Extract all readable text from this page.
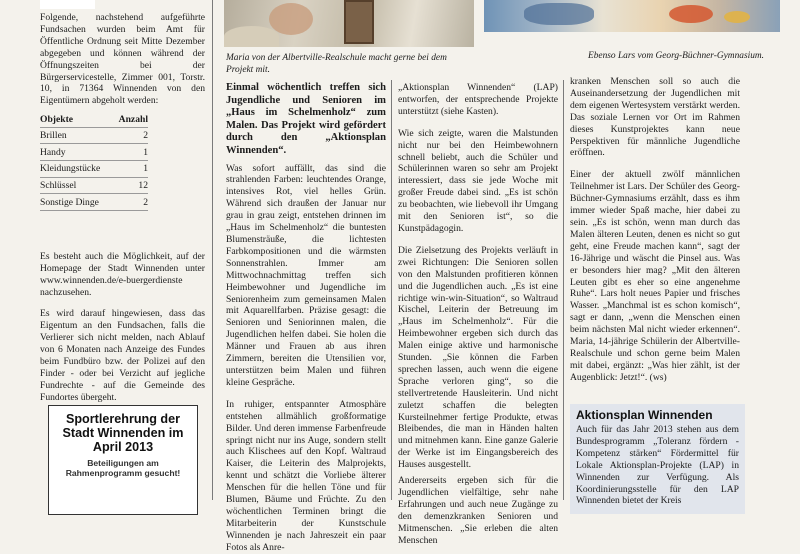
Folgende, nachstehend aufgeführte Fundsachen wurden beim Amt für Öffentliche Ordnung seit Mitte Dezember abgegeben und können während der Öffnungszeiten bei der Bürgerservicestelle, Zimmer 001, Torstr. 10, in 71364 Winnenden von den Eigentümern abgeholt werden:

Objekte	Anzahl
Brillen	2
Handy	1
Kleidungstücke	1
Schlüssel	12
Sonstige Dinge	2

Es besteht auch die Möglichkeit, auf der Homepage der Stadt Winnenden unter www.winnenden.de/e-buergerdienste nachzusehen.

Es wird darauf hingewiesen, dass das Eigentum an den Fundsachen, falls die Verlierer sich nicht melden, nach Ablauf von 6 Monaten nach Anzeige des Fundes beim Fundbüro bzw. der Polizei auf den Finder - oder bei Verzicht auf jegliche Fundrechte - auf die Gemeinde des Fundortes übergeht.

Sportlerehrung der Stadt Winnenden im April 2013

Beteiligungen am Rahmenprogramm gesucht!

Maria von der Albertville-Realschule macht gerne bei dem Projekt mit.

Ebenso Lars vom Georg-Büchner-Gymnasium.

Einmal wöchentlich treffen sich Jugendliche und Senioren im „Haus im Schelmenholz“ zum Malen. Das Projekt wird gefördert durch den „Aktionsplan Winnenden“.

Was sofort auffällt, das sind die strahlenden Farben: leuchtendes Orange, intensives Rot, viel helles Grün. Während sich draußen der Januar nur grau in grau zeigt, entstehen drinnen im „Haus im Schelmenholz“ die buntesten Blumensträuße, die lichtesten Farbkompositionen und die wärmsten Sonnenstrahlen. Immer am Mittwochnachmittag treffen sich Heimbewohner und Jugendliche im Seniorenheim zum gemeinsamen Malen mit Aquarellfarben. Präzise gesagt: die Senioren und Seniorinnen malen, die Jugendlichen helfen dabei. Sie holen die Männer und Frauen ab aus ihren Zimmern, bereiten die Utensilien vor, unterstützen beim Malen und führen kleine Gespräche.

In ruhiger, entspannter Atmosphäre entstehen allmählich großformatige Bilder. Und deren immense Farbenfreude springt nicht nur ins Auge, sondern stellt auch Klischees auf den Kopf. Waltraud Kaiser, die Leiterin des Malprojekts, kennt und schätzt die Vorliebe älterer Menschen für die hellen Töne und für Blumen, Bäume und Früchte. Zu den wöchentlichen Terminen bringt die Mitarbeiterin der Kunstschule Winnenden je nach Jahreszeit ein paar Fotos als Anre-

„Aktionsplan Winnenden“ (LAP) entworfen, der entsprechende Projekte unterstützt (siehe Kasten).

Wie sich zeigte, waren die Malstunden nicht nur bei den Heimbewohnern schnell beliebt, auch die Schüler und Schülerinnen waren so sehr am Projekt interessiert, dass sie jede Woche mit großer Freude dabei sind. „Es ist schön zu beobachten, wie liebevoll ihr Umgang mit den Senioren ist“, so die Kunstpädagogin.

Die Zielsetzung des Projekts verläuft in zwei Richtungen: Die Senioren sollen von den Malstunden profitieren können und die Jugendlichen auch. „Es ist eine richtige win-win-Situation“, so Waltraud Kischel, Leiterin der Betreuung im „Haus im Schelmenholz“. Für die Heimbewohner ergeben sich durch das Malen einige aktive und harmonische Stunden. „Sie können die Farben sprechen lassen, auch wenn die eigene Sprache verloren ging“, so die stellvertretende Hausleiterin. Und nicht zuletzt schaffen die belegten Kursteilnehmer fertige Produkte, etwas Bleibendes, die man in Händen halten und mitnehmen kann. Eine ganze Galerie der Werke ist im Eingangsbereich des Hauses ausgestellt.

Andererseits ergeben sich für die Jugendlichen vielfältige, sehr nahe Erfahrungen und auch neue Zugänge zu den demenzkranken Senioren und Mitmenschen. „Sie erleben die alten Menschen

kranken Menschen soll so auch die Auseinandersetzung der Jugendlichen mit dem eigenen Wertesystem verstärkt werden. Das soziale Lernen vor Ort im Rahmen dieses Kunstprojektes kann neue Perspektiven für männliche Jugendliche eröffnen.

Einer der aktuell zwölf männlichen Teilnehmer ist Lars. Der Schüler des Georg-Büchner-Gymnasiums erzählt, dass es ihm immer wieder Spaß mache, hier dabei zu sein. „Es ist schön, wenn man durch das Malen älteren Leuten, denen es nicht so gut geht, eine Freude machen kann“, sagt der 16-Jährige und wäscht die Pinsel aus. Was er besonders hier mag? „Mit den älteren Leuten gibt es eher so eine angenehme Ruhe“. Lars holt neues Papier und frisches Wasser. „Manchmal ist es schon komisch“, sagt er dann, „wenn die Menschen einen beim nächsten Mal nicht wieder erkennen“. Maria, 14-jährige Schülerin der Albertville-Realschule und schon gerne beim Malen mit dabei, ergänzt: „Was hier zählt, ist der Augenblick: Jetzt!“. (ws)

Aktionsplan Winnenden

Auch für das Jahr 2013 stehen aus dem Bundesprogramm „Toleranz fördern - Kompetenz stärken“ Fördermittel für Lokale Aktionsplan-Projekte (LAP) in Winnenden zur Verfügung. Als Koordinierungsstelle für den LAP Winnenden bietet der Kreis
